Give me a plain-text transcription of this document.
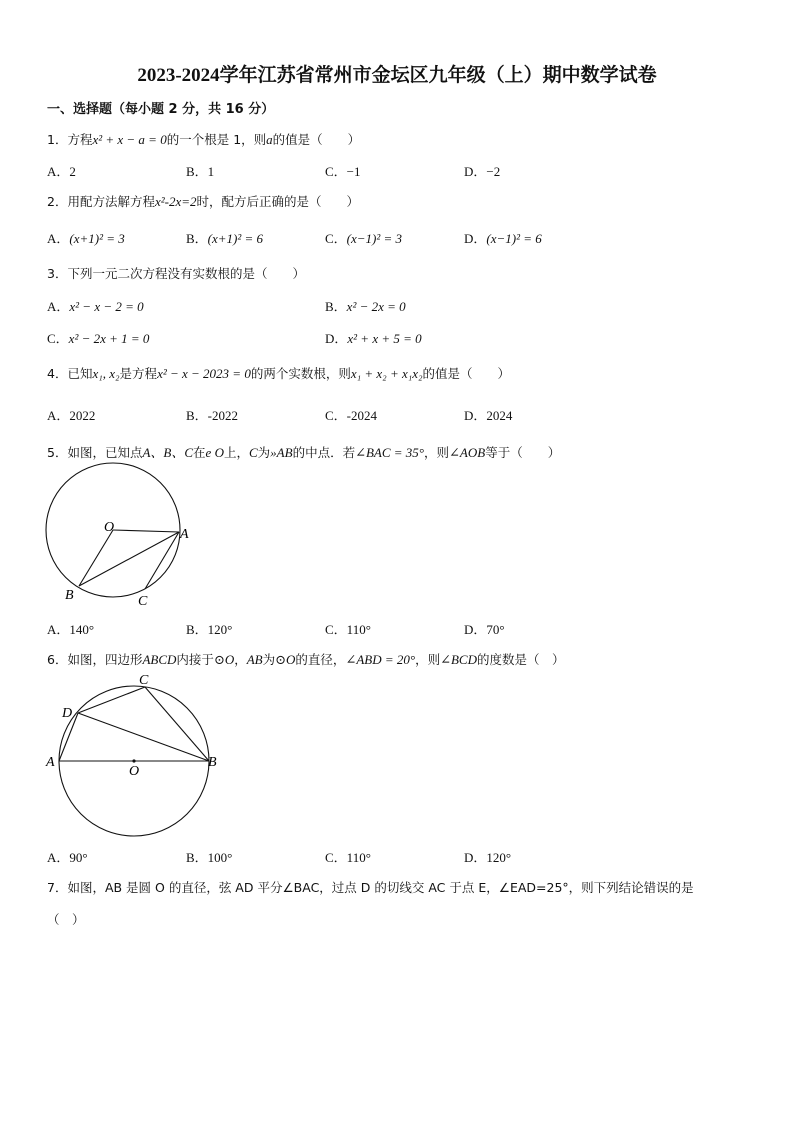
2023-2024学年江苏省常州市金坛区九年级（上）期中数学试卷
一、选择题（每小题 2 分，共 16 分）
1．方程x² + x − a = 0的一个根是 1，则a的值是（　　）
A．2	B．1	C．−1	D．−2
2．用配方法解方程x²-2x=2时，配方后正确的是（　　）
A．(x+1)² = 3	B．(x+1)² = 6	C．(x−1)² = 3	D．(x−1)² = 6
3．下列一元二次方程没有实数根的是（　　）
A．x² − x − 2 = 0	B．x² − 2x = 0
C．x² − 2x + 1 = 0	D．x² + x + 5 = 0
4．已知x₁, x₂是方程x² − x − 2023 = 0的两个实数根，则x₁ + x₂ + x₁x₂的值是（　　）
A．2022	B．-2022	C．-2024	D．2024
5．如图，已知点A、B、C在e O上，C为»AB的中点．若∠BAC = 35°，则∠AOB等于（　　）
O	A
B	C
A．140°	B．120°	C．110°	D．70°
6．如图，四边形ABCD内接于⊙O，AB为⊙O的直径，∠ABD = 20°，则∠BCD的度数是（　）
C
D
A	B
O
A．90°	B．100°	C．110°	D．120°
7．如图，AB 是圆 O 的直径，弦 AD 平分∠BAC，过点 D 的切线交 AC 于点 E，∠EAD=25°，则下列结论错误的是
（　）
